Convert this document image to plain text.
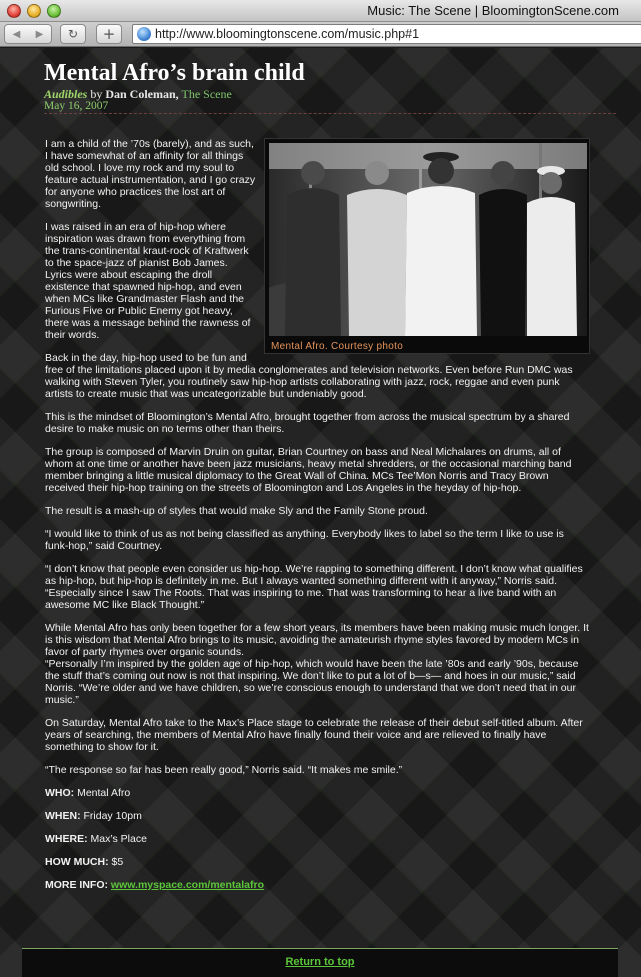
Music: The Scene | BloomingtonScene.com
◀	▶	↻ +	http://www.bloomingtonscene.com/music.php#1
Mental Afro’s brain child
Audibles by Dan Coleman, The Scene
May 16, 2007
Mental Afro. Courtesy photo

I am a child of the ’70s (barely), and as such, I have somewhat of an affinity for all things old school. I love my rock and my soul to feature actual instrumentation, and I go crazy for anyone who practices the lost art of songwriting.

I was raised in an era of hip-hop where inspiration was drawn from everything from the trans-continental kraut-rock of Kraftwerk to the space-jazz of pianist Bob James. Lyrics were about escaping the droll existence that spawned hip-hop, and even when MCs like Grandmaster Flash and the Furious Five or Public Enemy got heavy, there was a message behind the rawness of their words.

Back in the day, hip-hop used to be fun and free of the limitations placed upon it by media conglomerates and television networks. Even before Run DMC was walking with Steven Tyler, you routinely saw hip-hop artists collaborating with jazz, rock, reggae and even punk artists to create music that was uncategorizable but undeniably good.

This is the mindset of Bloomington’s Mental Afro, brought together from across the musical spectrum by a shared desire to make music on no terms other than theirs.

The group is composed of Marvin Druin on guitar, Brian Courtney on bass and Neal Michalares on drums, all of whom at one time or another have been jazz musicians, heavy metal shredders, or the occasional marching band member bringing a little musical diplomacy to the Great Wall of China. MCs Tee’Mon Norris and Tracy Brown received their hip-hop training on the streets of Bloomington and Los Angeles in the heyday of hip-hop.

The result is a mash-up of styles that would make Sly and the Family Stone proud.

“I would like to think of us as not being classified as anything. Everybody likes to label so the term I like to use is funk-hop,” said Courtney.

“I don’t know that people even consider us hip-hop. We’re rapping to something different. I don’t know what qualifies as hip-hop, but hip-hop is definitely in me. But I always wanted something different with it anyway,” Norris said. “Especially since I saw The Roots. That was inspiring to me. That was transforming to hear a live band with an awesome MC like Black Thought.”

While Mental Afro has only been together for a few short years, its members have been making music much longer. It is this wisdom that Mental Afro brings to its music, avoiding the amateurish rhyme styles favored by modern MCs in favor of party rhymes over organic sounds.
“Personally I’m inspired by the golden age of hip-hop, which would have been the late ’80s and early ’90s, because the stuff that’s coming out now is not that inspiring. We don’t like to put a lot of b—s— and hoes in our music,” said Norris. “We’re older and we have children, so we’re conscious enough to understand that we don’t need that in our music.”

On Saturday, Mental Afro take to the Max’s Place stage to celebrate the release of their debut self-titled album. After years of searching, the members of Mental Afro have finally found their voice and are relieved to finally have something to show for it.

“The response so far has been really good,” Norris said. “It makes me smile.”

WHO: Mental Afro
WHEN: Friday 10pm
WHERE: Max’s Place
HOW MUCH: $5
MORE INFO: www.myspace.com/mentalafro
Return to top
